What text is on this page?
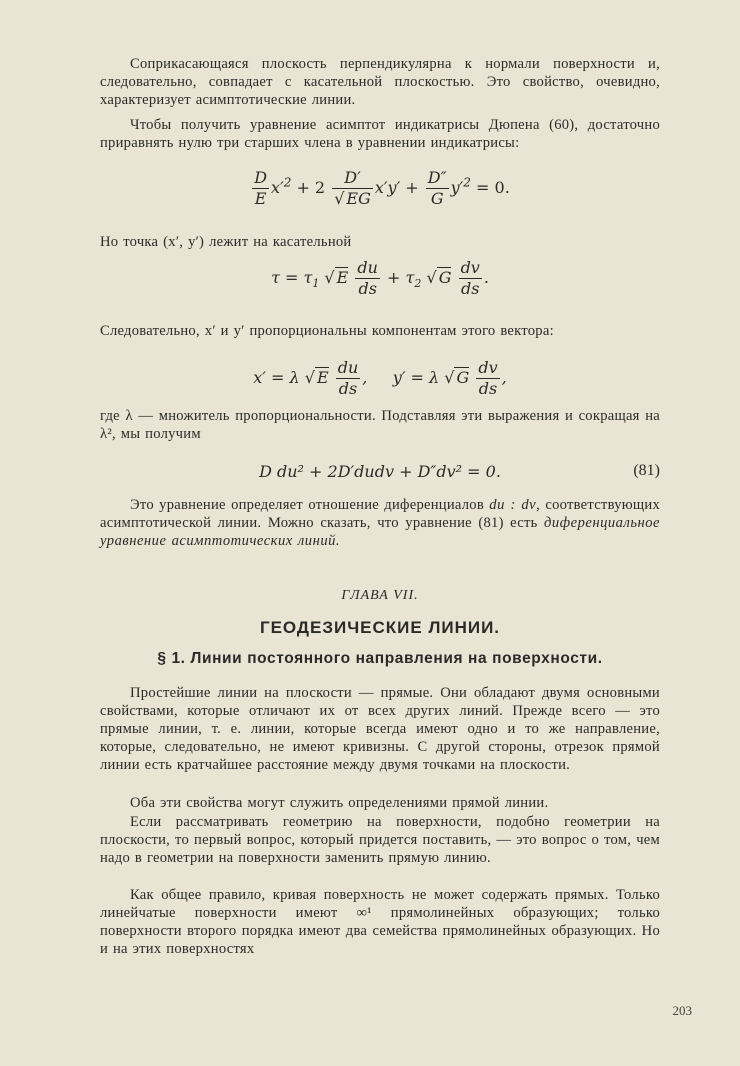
Соприкасающаяся плоскость перпендикулярна к нормали поверхности и, следовательно, совпадает с касательной плоскостью. Это свойство, очевидно, характеризует асимптотические линии.

Чтобы получить уравнение асимптот индикатрисы Дюпена (60), достаточно приравнять нулю три старших члена в уравнении индикатрисы:

$\frac{D}{E} x'^2 + 2 \frac{D'}{√ EG} x'y' + \frac{D''}{G} y'^2 = 0$.

Но точка (x′, y′) лежит на касательной

$\tau = \tau_1$ √ E $\frac{du}{ds} + \tau_2$ √ G $\frac{dv}{ds}$ .

Следовательно, x′ и y′ пропорциональны компонентам этого вектора:

x′ = λ √ E $\frac{du}{ds}$ ,     y′ = λ √ G $\frac{dv}{ds}$ ,

где λ — множитель пропорциональности. Подставляя эти выражения и сокращая на λ², мы получим

D du² + 2D′dudv + D″dv² = 0.	(81)

Это уравнение определяет отношение диференциалов du : dv, соответствующих асимптотической линии. Можно сказать, что уравнение (81) есть диференциальное уравнение асимптотических линий.

ГЛАВА VII.
ГЕОДЕЗИЧЕСКИЕ ЛИНИИ.
§ 1. Линии постоянного направления на поверхности.

Простейшие линии на плоскости — прямые. Они обладают двумя основными свойствами, которые отличают их от всех других линий. Прежде всего — это прямые линии, т. е. линии, которые всегда имеют одно и то же направление, которые, следовательно, не имеют кривизны. С другой стороны, отрезок прямой линии есть кратчайшее расстояние между двумя точками на плоскости.

Оба эти свойства могут служить определениями прямой линии.

Если рассматривать геометрию на поверхности, подобно геометрии на плоскости, то первый вопрос, который придется поставить, — это вопрос о том, чем надо в геометрии на поверхности заменить прямую линию.

Как общее правило, кривая поверхность не может содержать прямых. Только линейчатые поверхности имеют ∞¹ прямолинейных образующих; только поверхности второго порядка имеют два семейства прямолинейных образующих. Но и на этих поверхностях

203
